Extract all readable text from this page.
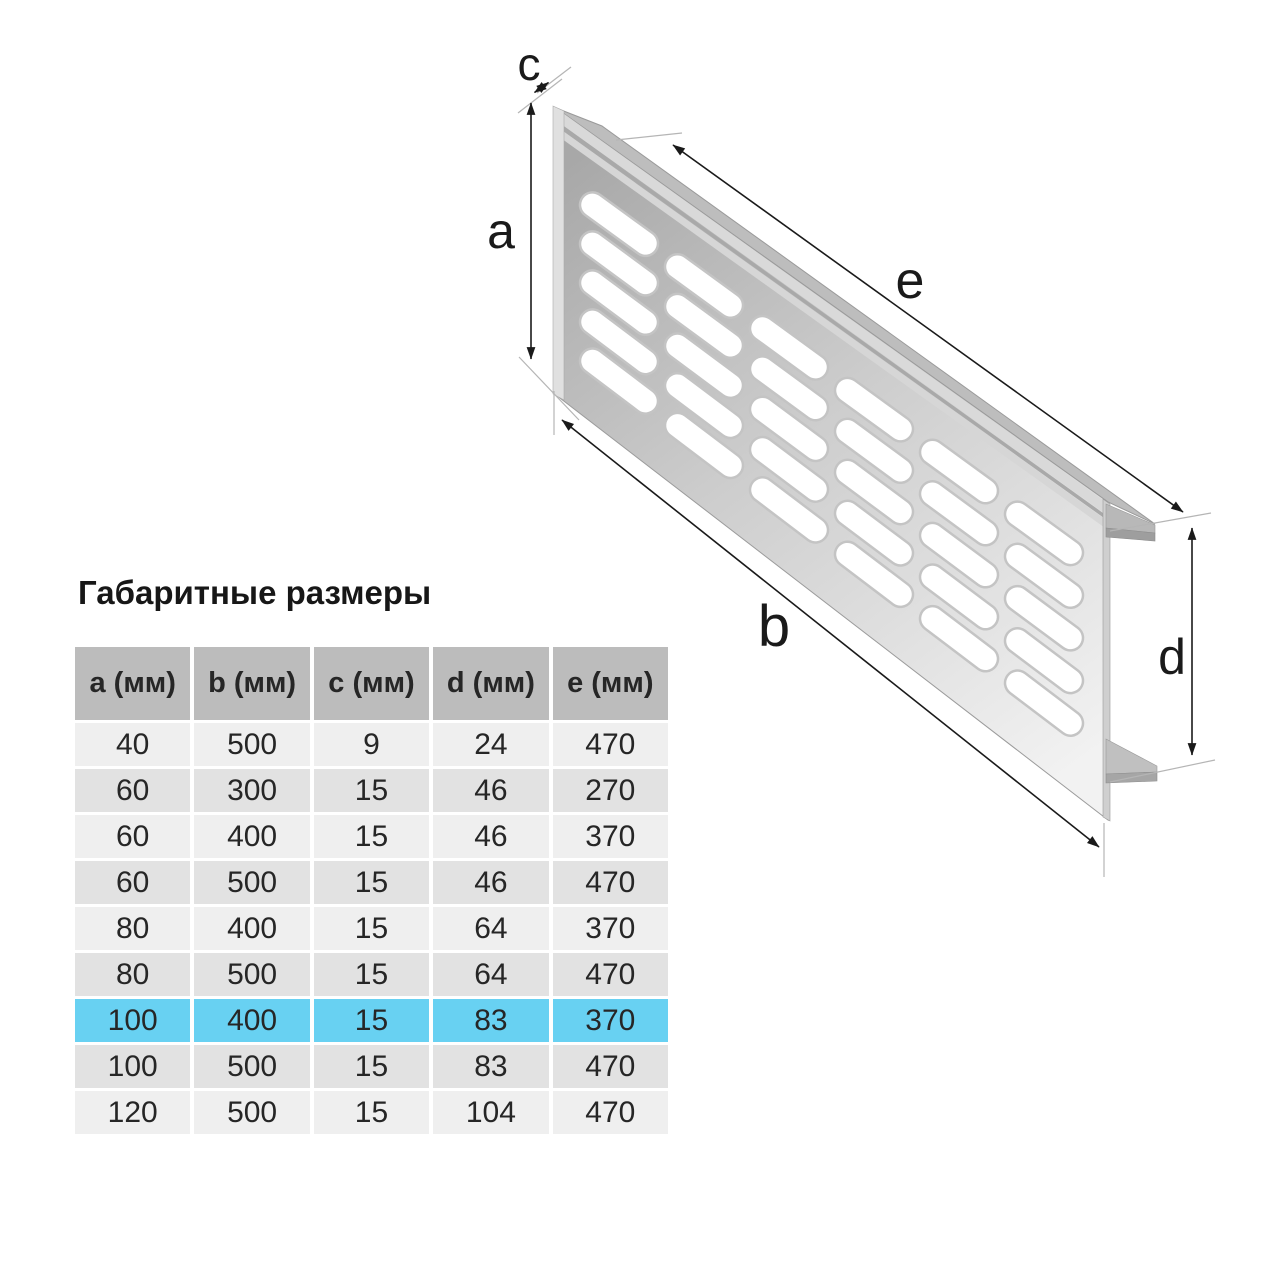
c
a
e
b	d
Габаритные размеры
a (мм)	b (мм)	c (мм)	d (мм)	e (мм)
40	500	9	24	470
60	300	15	46	270
60	400	15	46	370
60	500	15	46	470
80	400	15	64	370
80	500	15	64	470
100	400	15	83	370
100	500	15	83	470
120	500	15	104	470
